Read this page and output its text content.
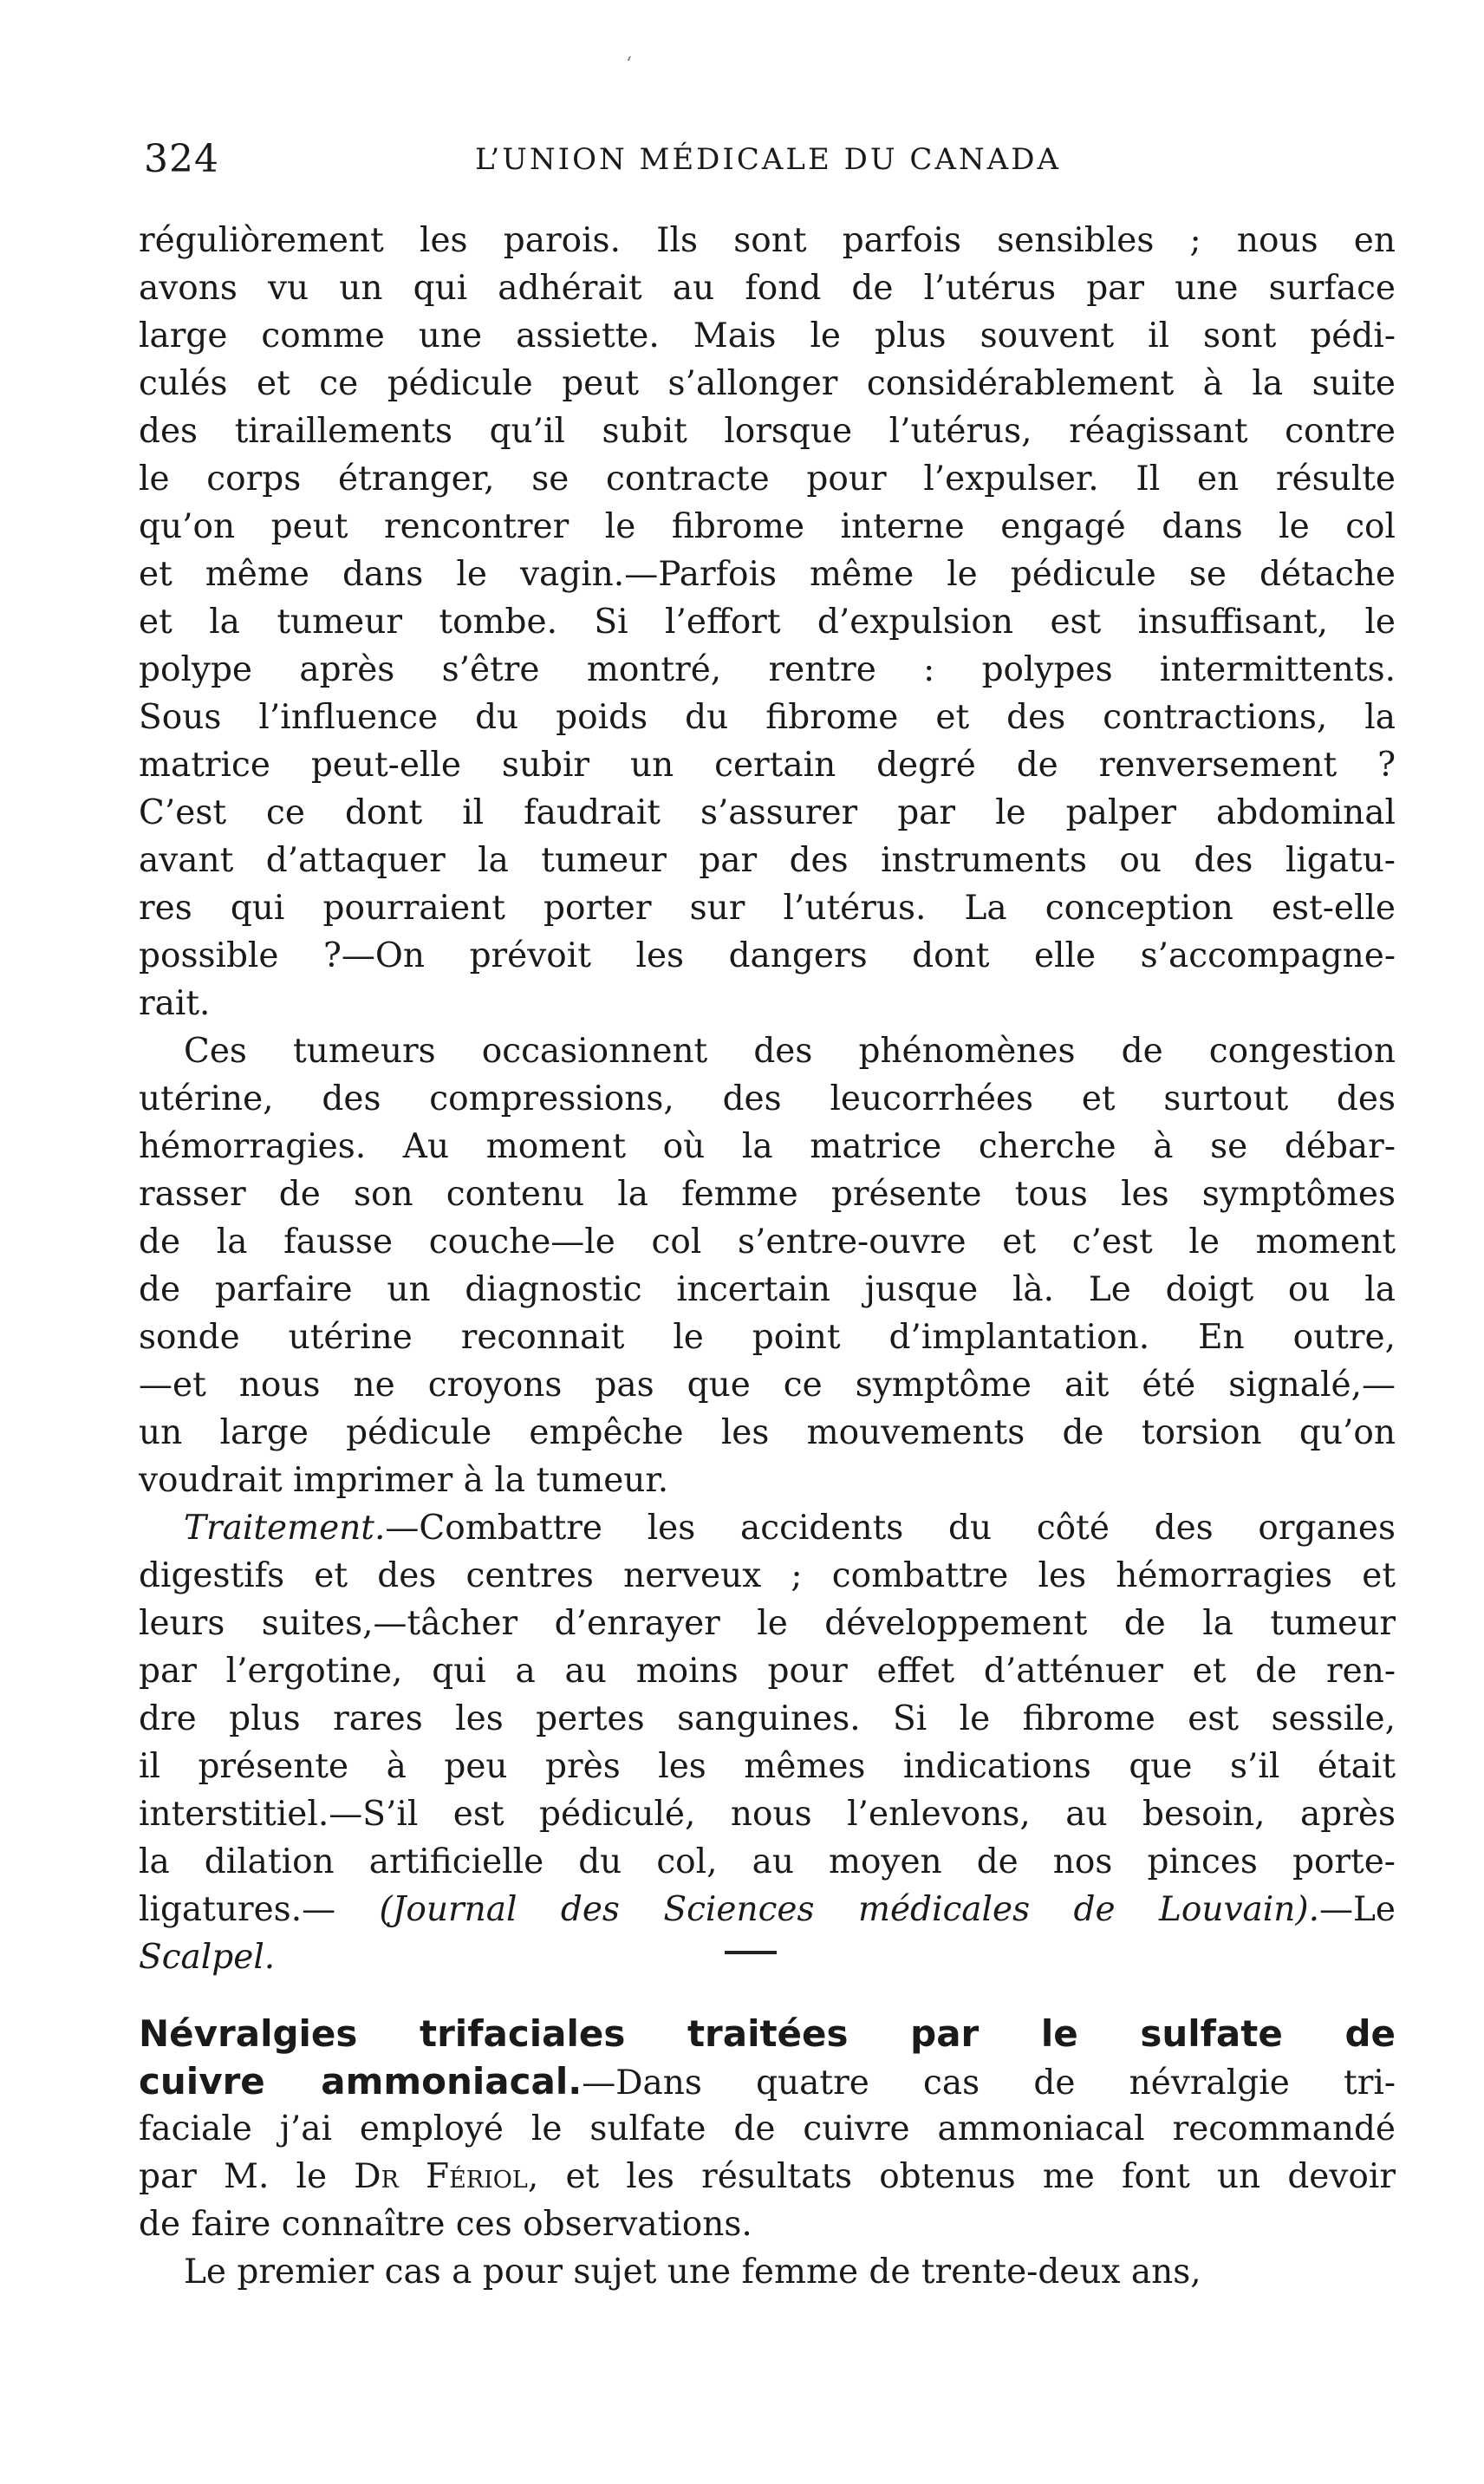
‘
324	L’UNION MÉDICALE DU CANADA
réguliòrement les parois. Ils sont parfois sensibles ; nous en
avons vu un qui adhérait au fond de l’utérus par une surface
large comme une assiette. Mais le plus souvent il sont pédi-
culés et ce pédicule peut s’allonger considérablement à la suite
des tiraillements qu’il subit lorsque l’utérus, réagissant contre
le corps étranger, se contracte pour l’expulser. Il en résulte
qu’on peut rencontrer le fibrome interne engagé dans le col
et même dans le vagin.—Parfois même le pédicule se détache
et la tumeur tombe. Si l’effort d’expulsion est insuffisant, le
polype après s’être montré, rentre : polypes intermittents.
Sous l’influence du poids du fibrome et des contractions, la
matrice peut-elle subir un certain degré de renversement ?
C’est ce dont il faudrait s’assurer par le palper abdominal
avant d’attaquer la tumeur par des instruments ou des ligatu-
res qui pourraient porter sur l’utérus. La conception est-elle
possible ?—On prévoit les dangers dont elle s’accompagne-
rait.
Ces tumeurs occasionnent des phénomènes de congestion
utérine, des compressions, des leucorrhées et surtout des
hémorragies. Au moment où la matrice cherche à se débar-
rasser de son contenu la femme présente tous les symptômes
de la fausse couche—le col s’entre-ouvre et c’est le moment
de parfaire un diagnostic incertain jusque là. Le doigt ou la
sonde utérine reconnait le point d’implantation. En outre,
—et nous ne croyons pas que ce symptôme ait été signalé,—
un large pédicule empêche les mouvements de torsion qu’on
voudrait imprimer à la tumeur.
Traitement.—Combattre les accidents du côté des organes
digestifs et des centres nerveux ; combattre les hémorragies et
leurs suites,—tâcher d’enrayer le développement de la tumeur
par l’ergotine, qui a au moins pour effet d’atténuer et de ren-
dre plus rares les pertes sanguines. Si le fibrome est sessile,
il présente à peu près les mêmes indications que s’il était
interstitiel.—S’il est pédiculé, nous l’enlevons, au besoin, après
la dilation artificielle du col, au moyen de nos pinces porte-
ligatures.— (Journal des Sciences médicales de Louvain).—Le
Scalpel.
Névralgies trifaciales traitées par le sulfate de
cuivre ammoniacal.—Dans quatre cas de névralgie tri-
faciale j’ai employé le sulfate de cuivre ammoniacal recommandé
par M. le Dr Fériol, et les résultats obtenus me font un devoir
de faire connaître ces observations.
Le premier cas a pour sujet une femme de trente-deux ans,
